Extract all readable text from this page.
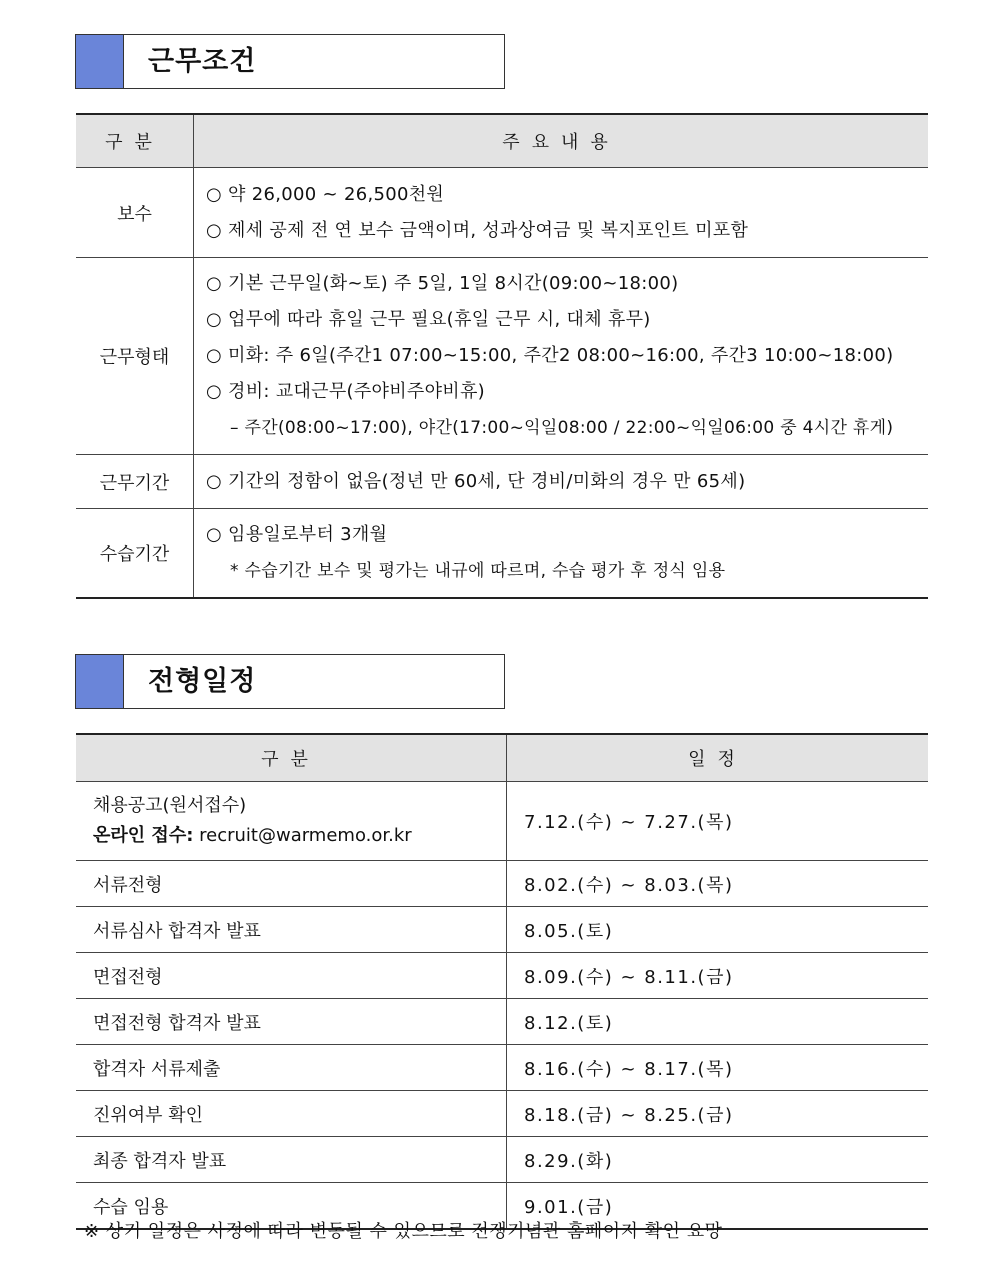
근무조건
구분	주요내용
보수	○ 약 26,000 ~ 26,500천원
○ 제세 공제 전 연 보수 금액이며, 성과상여금 및 복지포인트 미포함

근무형태	○ 기본 근무일(화~토) 주 5일, 1일 8시간(09:00~18:00)
○ 업무에 따라 휴일 근무 필요(휴일 근무 시, 대체 휴무)
○ 미화: 주 6일(주간1 07:00~15:00, 주간2 08:00~16:00, 주간3 10:00~18:00)
○ 경비: 교대근무(주야비주야비휴)
– 주간(08:00~17:00), 야간(17:00~익일08:00 / 22:00~익일06:00 중 4시간 휴게)

근무기간	○ 기간의 정함이 없음(정년 만 60세, 단 경비/미화의 경우 만 65세)

수습기간	○ 임용일로부터 3개월
* 수습기간 보수 및 평가는 내규에 따르며, 수습 평가 후 정식 임용
전형일정
구분	일정

채용공고(원서접수)
온라인 접수: recruit@warmemo.or.kr	7.12.(수) ~ 7.27.(목)
서류전형	8.02.(수) ~ 8.03.(목)
서류심사 합격자 발표	8.05.(토)
면접전형	8.09.(수) ~ 8.11.(금)
면접전형 합격자 발표	8.12.(토)
합격자 서류제출	8.16.(수) ~ 8.17.(목)
진위여부 확인	8.18.(금) ~ 8.25.(금)
최종 합격자 발표	8.29.(화)
수습 임용	9.01.(금)
※ 상기 일정은 사정에 따라 변동될 수 있으므로 전쟁기념관 홈페이지 확인 요망
